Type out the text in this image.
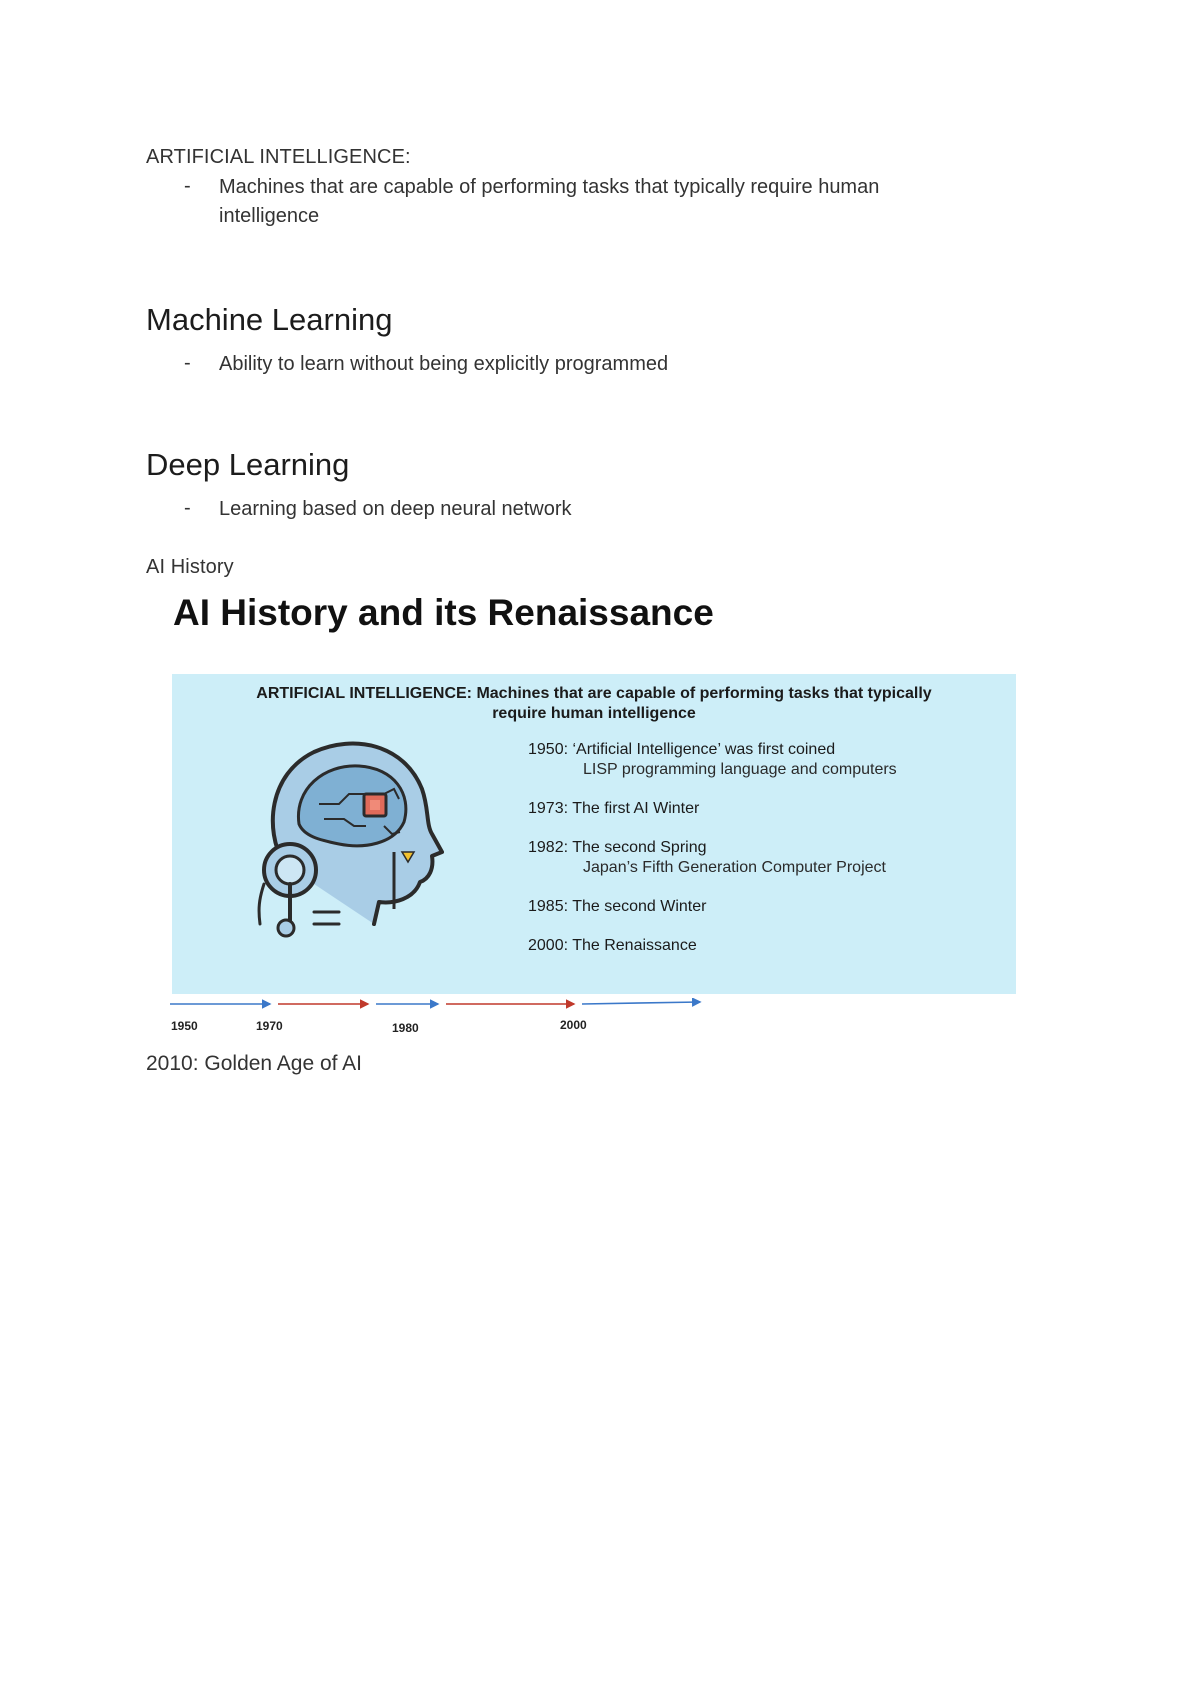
ARTIFICIAL INTELLIGENCE:
- Machines that are capable of performing tasks that typically require human intelligence
Machine Learning
- Ability to learn without being explicitly programmed
Deep Learning
- Learning based on deep neural network
AI History
AI History and its Renaissance
ARTIFICIAL INTELLIGENCE: Machines that are capable of performing tasks that typically
require human intelligence
1950: ‘Artificial Intelligence’ was first coined
LISP programming language and computers
1973: The first AI Winter
1982: The second Spring
Japan’s Fifth Generation Computer Project
1985: The second Winter
2000: The Renaissance
1950	1970	1980	2000
2010: Golden Age of AI
